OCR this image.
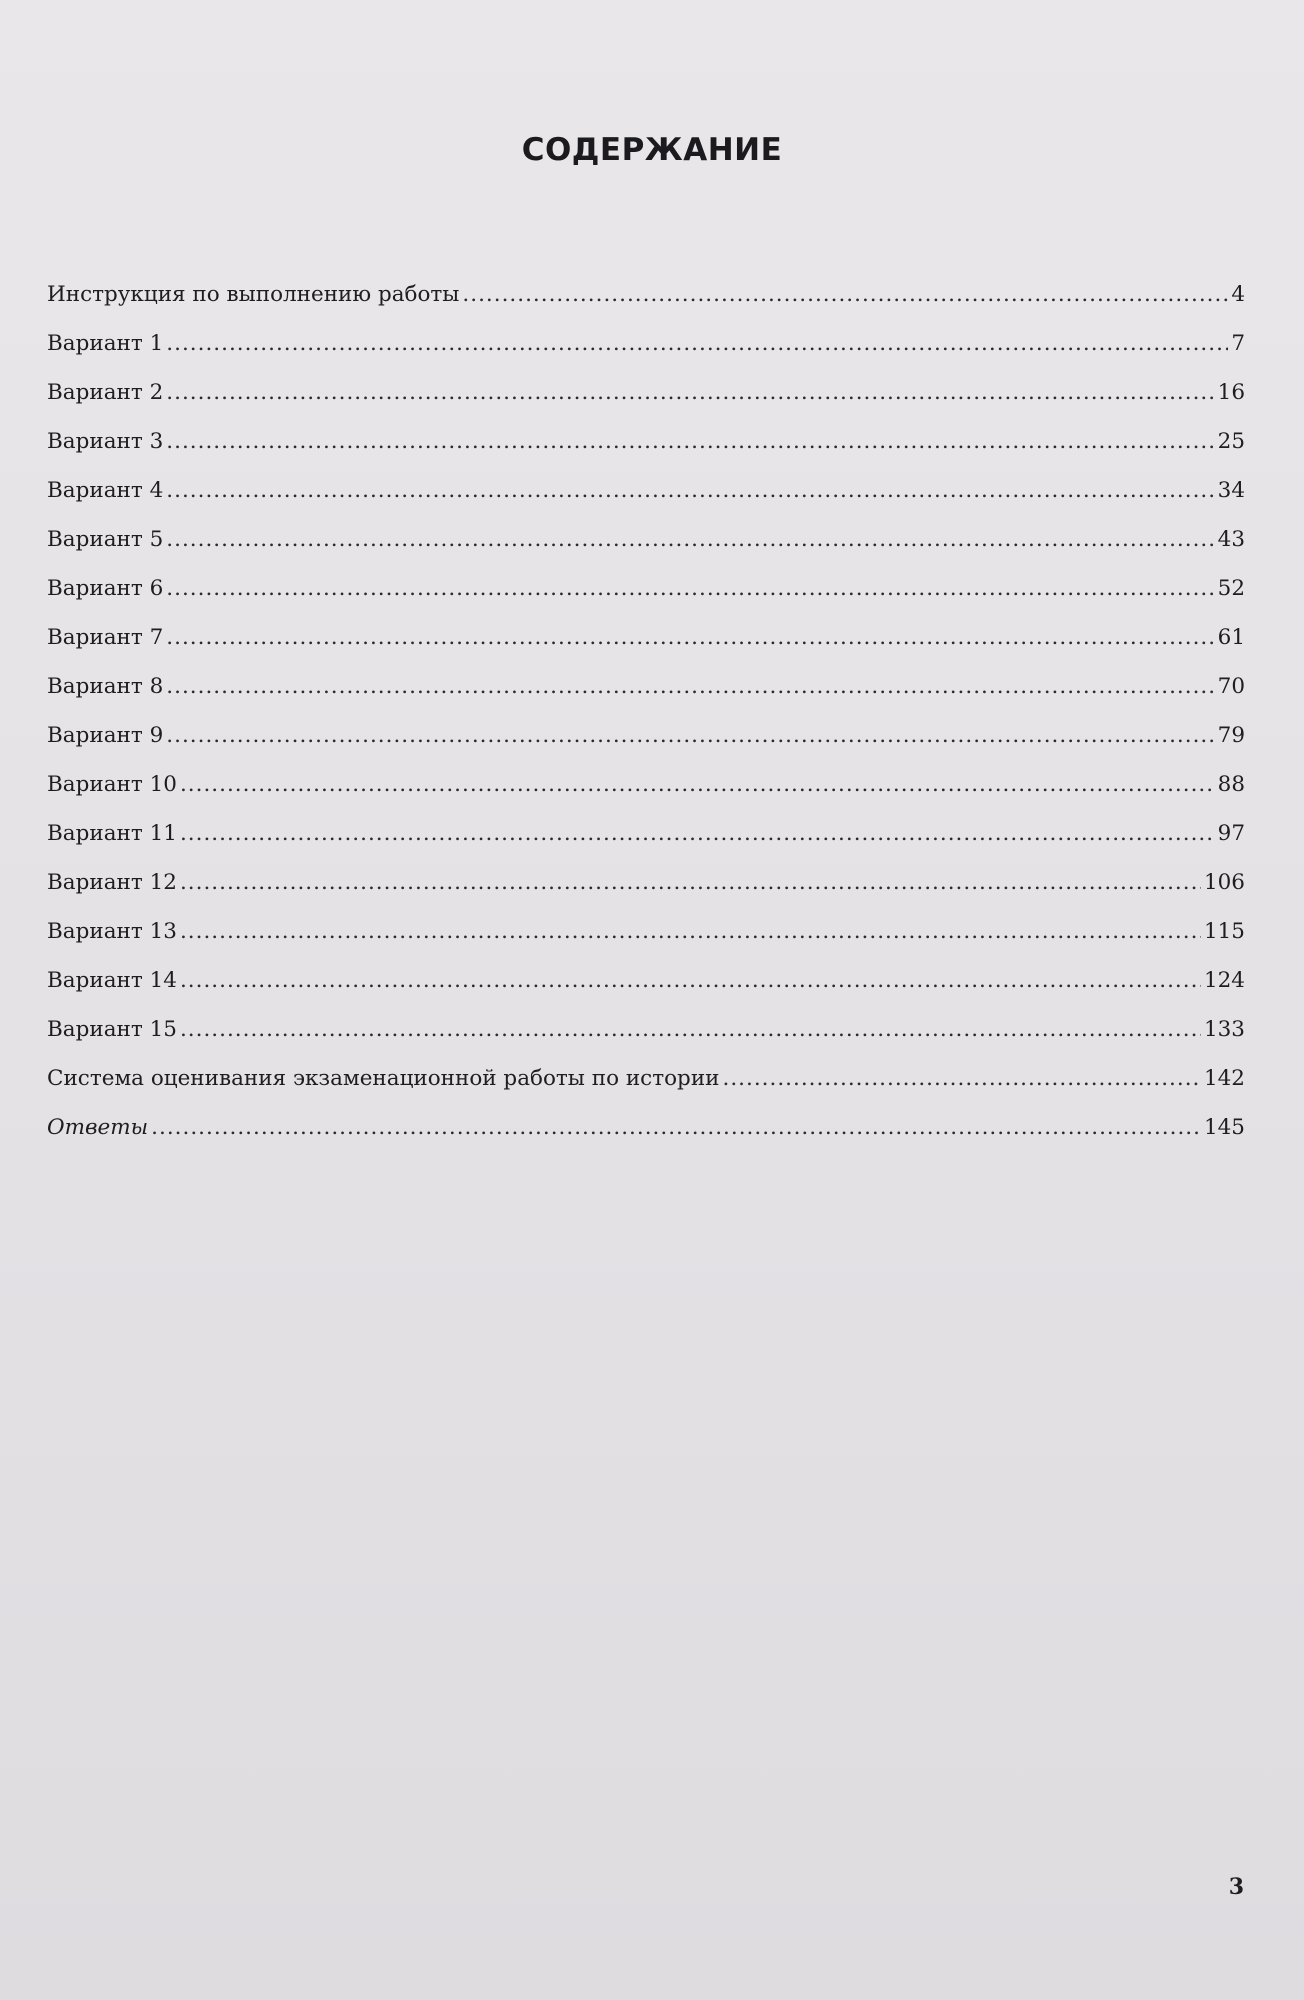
СОДЕРЖАНИЕ
Инструкция по выполнению работы .....	4
Вариант 1 .....	7
Вариант 2 .....	16
Вариант 3 .....	25
Вариант 4 .....	34
Вариант 5 .....	43
Вариант 6 .....	52
Вариант 7 .....	61
Вариант 8 .....	70
Вариант 9 .....	79
Вариант 10 .....	88
Вариант 11 .....	97
Вариант 12 .....	106
Вариант 13 .....	115
Вариант 14 .....	124
Вариант 15 .....	133
Система оценивания экзаменационной работы по истории .....	142
Ответы .....	145
3
